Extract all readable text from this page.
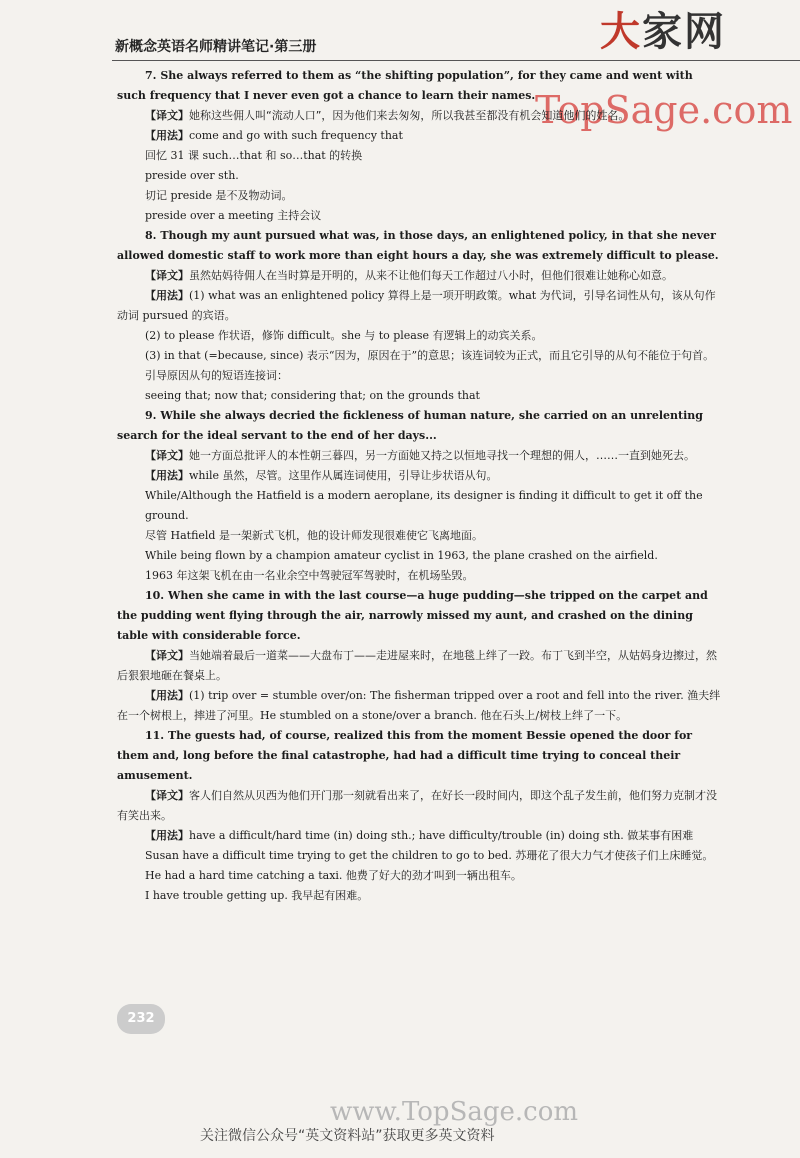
新概念英语名师精讲笔记·第三册	大家网
TopSage.com

7. She always referred to them as “the shifting population”, for they came and went with such frequency that I never even got a chance to learn their names.

【译文】她称这些佣人叫“流动人口”，因为他们来去匆匆，所以我甚至都没有机会知道他们的姓名。

【用法】come and go with such frequency that

回忆 31 课 such…that 和 so…that 的转换

preside over sth.

切记 preside 是不及物动词。

preside over a meeting 主持会议

8. Though my aunt pursued what was, in those days, an enlightened policy, in that she never allowed domestic staff to work more than eight hours a day, she was extremely difficult to please.

【译文】虽然姑妈待佣人在当时算是开明的，从来不让他们每天工作超过八小时，但他们很难让她称心如意。

【用法】(1) what was an enlightened policy 算得上是一项开明政策。what 为代词，引导名词性从句，该从句作动词 pursued 的宾语。

(2) to please 作状语，修饰 difficult。she 与 to please 有逻辑上的动宾关系。

(3) in that (=because, since) 表示“因为，原因在于”的意思；该连词较为正式，而且它引导的从句不能位于句首。

引导原因从句的短语连接词：

seeing that; now that; considering that; on the grounds that

9. While she always decried the fickleness of human nature, she carried on an unrelenting search for the ideal servant to the end of her days...

【译文】她一方面总批评人的本性朝三暮四，另一方面她又持之以恒地寻找一个理想的佣人，……一直到她死去。

【用法】while 虽然，尽管。这里作从属连词使用，引导让步状语从句。

While/Although the Hatfield is a modern aeroplane, its designer is finding it difficult to get it off the ground.

尽管 Hatfield 是一架新式飞机，他的设计师发现很难使它飞离地面。

While being flown by a champion amateur cyclist in 1963, the plane crashed on the airfield.

1963 年这架飞机在由一名业余空中驾驶冠军驾驶时，在机场坠毁。

10. When she came in with the last course—a huge pudding—she tripped on the carpet and the pudding went flying through the air, narrowly missed my aunt, and crashed on the dining table with considerable force.

【译文】当她端着最后一道菜——大盘布丁——走进屋来时，在地毯上绊了一跤。布丁飞到半空，从姑妈身边擦过，然后狠狠地砸在餐桌上。

【用法】(1) trip over = stumble over/on: The fisherman tripped over a root and fell into the river. 渔夫绊在一个树根上，摔进了河里。He stumbled on a stone/over a branch. 他在石头上/树枝上绊了一下。

11. The guests had, of course, realized this from the moment Bessie opened the door for them and, long before the final catastrophe, had had a difficult time trying to conceal their amusement.

【译文】客人们自然从贝西为他们开门那一刻就看出来了，在好长一段时间内，即这个乱子发生前，他们努力克制才没有笑出来。

【用法】have a difficult/hard time (in) doing sth.; have difficulty/trouble (in) doing sth. 做某事有困难

Susan have a difficult time trying to get the children to go to bed. 苏珊花了很大力气才使孩子们上床睡觉。He had a hard time catching a taxi. 他费了好大的劲才叫到一辆出租车。

I have trouble getting up. 我早起有困难。

232
www.TopSage.com
关注微信公众号“英文资料站”获取更多英文资料
